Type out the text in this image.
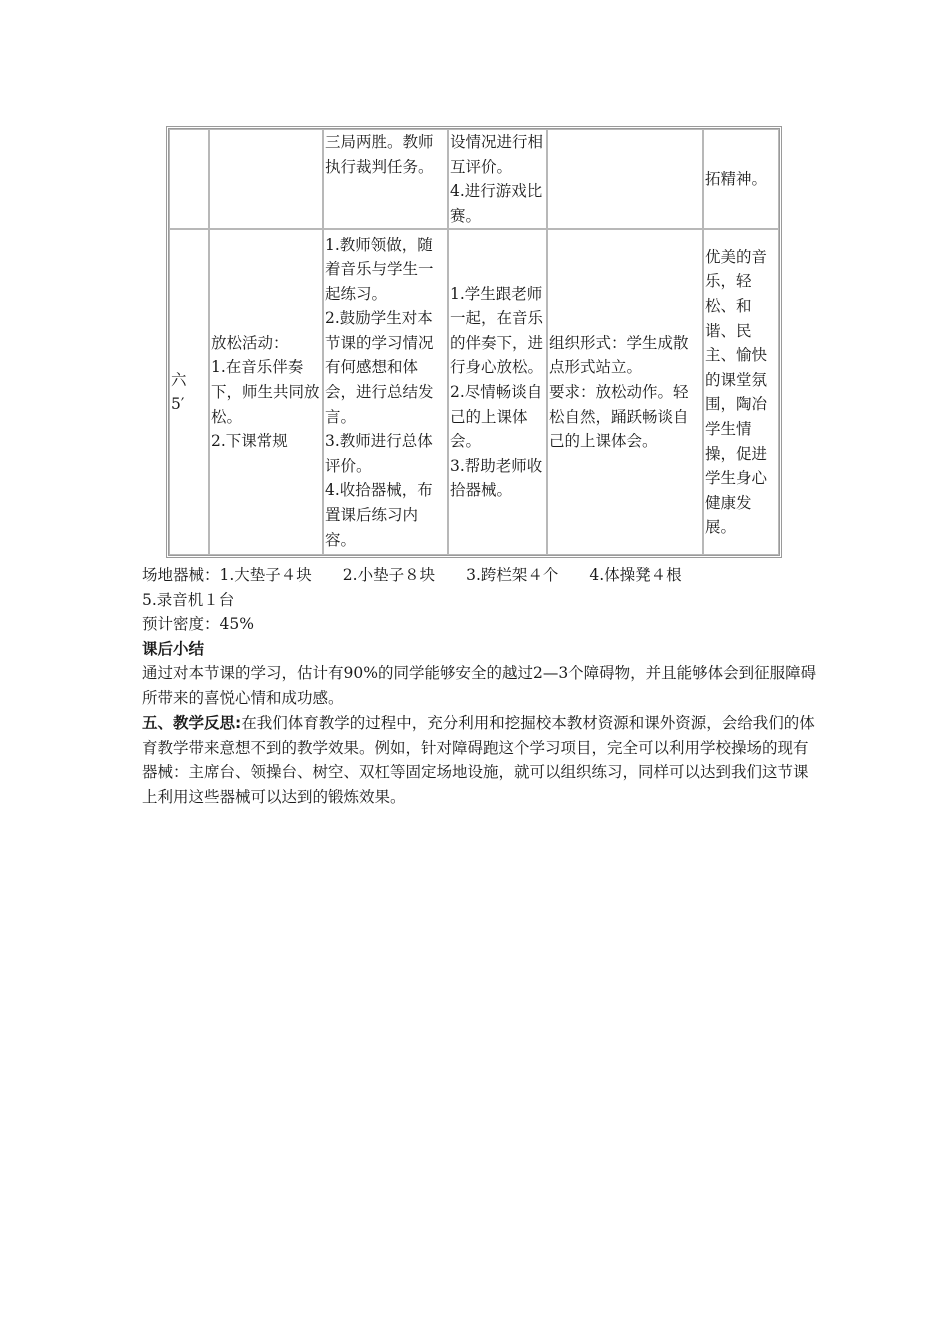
		三局两胜。教师执行裁判任务。	设情况进行相互评价。
4.进行游戏比赛。		拓精神。
六
5′	放松活动：
1.在音乐伴奏下，师生共同放松。
2.下课常规	1.教师领做，随着音乐与学生一起练习。
2.鼓励学生对本节课的学习情况有何感想和体会，进行总结发言。
3.教师进行总体评价。
4.收拾器械，布置课后练习内容。	1.学生跟老师一起，在音乐的伴奏下，进行身心放松。
2.尽情畅谈自己的上课体会。
3.帮助老师收拾器械。	组织形式：学生成散点形式站立。
要求：放松动作。轻松自然，踊跃畅谈自己的上课体会。	优美的音乐，轻松、和谐、民主、愉快的课堂氛围，陶冶学生情操，促进学生身心健康发展。
场地器械：1.大垫子４块　　2.小垫子８块　　3.跨栏架４个　　4.体操凳４根
5.录音机１台
预计密度：45%
课后小结
通过对本节课的学习，估计有90%的同学能够安全的越过2—3个障碍物，并且能够体会到征服障碍所带来的喜悦心情和成功感。
五、教学反思:在我们体育教学的过程中，充分利用和挖掘校本教材资源和课外资源，会给我们的体育教学带来意想不到的教学效果。例如，针对障碍跑这个学习项目，完全可以利用学校操场的现有器械：主席台、领操台、树空、双杠等固定场地设施，就可以组织练习，同样可以达到我们这节课上利用这些器械可以达到的锻炼效果。
